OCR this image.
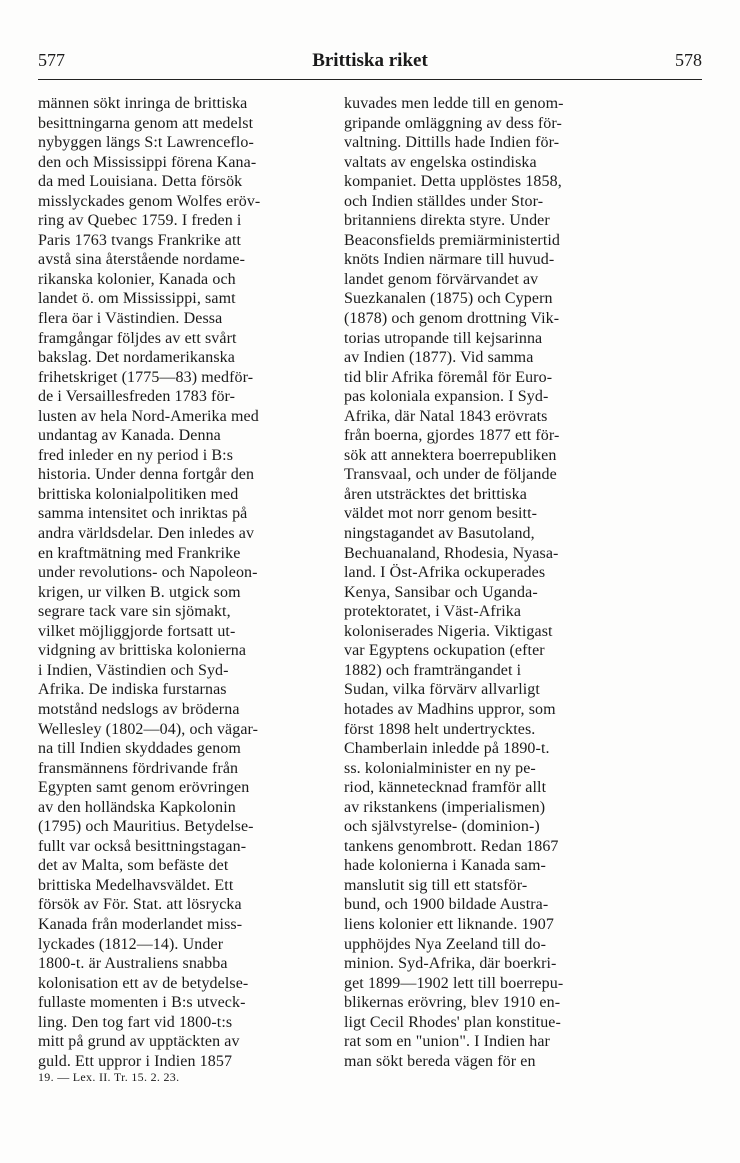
577	Brittiska riket	578
männen sökt inringa de brittiska
besittningarna genom att medelst
nybyggen längs S:t Lawrenceflo-
den och Mississippi förena Kana-
da med Louisiana. Detta försök
misslyckades genom Wolfes eröv-
ring av Quebec 1759. I freden i
Paris 1763 tvangs Frankrike att
avstå sina återstående nordame-
rikanska kolonier, Kanada och
landet ö. om Mississippi, samt
flera öar i Västindien. Dessa
framgångar följdes av ett svårt
bakslag. Det nordamerikanska
frihetskriget (1775—83) medför-
de i Versaillesfreden 1783 för-
lusten av hela Nord-Amerika med
undantag av Kanada. Denna
fred inleder en ny period i B:s
historia. Under denna fortgår den
brittiska kolonialpolitiken med
samma intensitet och inriktas på
andra världsdelar. Den inledes av
en kraftmätning med Frankrike
under revolutions- och Napoleon-
krigen, ur vilken B. utgick som
segrare tack vare sin sjömakt,
vilket möjliggjorde fortsatt ut-
vidgning av brittiska kolonierna
i Indien, Västindien och Syd-
Afrika. De indiska furstarnas
motstånd nedslogs av bröderna
Wellesley (1802—04), och vägar-
na till Indien skyddades genom
fransmännens fördrivande från
Egypten samt genom erövringen
av den holländska Kapkolonin
(1795) och Mauritius. Betydelse-
fullt var också besittningstagan-
det av Malta, som befäste det
brittiska Medelhavsväldet. Ett
försök av För. Stat. att lösrycka
Kanada från moderlandet miss-
lyckades (1812—14). Under
1800-t. är Australiens snabba
kolonisation ett av de betydelse-
fullaste momenten i B:s utveck-
ling. Den tog fart vid 1800-t:s
mitt på grund av upptäckten av
guld. Ett uppror i Indien 1857
kuvades men ledde till en genom-
gripande omläggning av dess för-
valtning. Dittills hade Indien för-
valtats av engelska ostindiska
kompaniet. Detta upplöstes 1858,
och Indien ställdes under Stor-
britanniens direkta styre. Under
Beaconsfields premiärministertid
knöts Indien närmare till huvud-
landet genom förvärvandet av
Suezkanalen (1875) och Cypern
(1878) och genom drottning Vik-
torias utropande till kejsarinna
av Indien (1877). Vid samma
tid blir Afrika föremål för Euro-
pas koloniala expansion. I Syd-
Afrika, där Natal 1843 erövrats
från boerna, gjordes 1877 ett för-
sök att annektera boerrepubliken
Transvaal, och under de följande
åren utsträcktes det brittiska
väldet mot norr genom besitt-
ningstagandet av Basutoland,
Bechuanaland, Rhodesia, Nyasa-
land. I Öst-Afrika ockuperades
Kenya, Sansibar och Uganda-
protektoratet, i Väst-Afrika
koloniserades Nigeria. Viktigast
var Egyptens ockupation (efter
1882) och framträngandet i
Sudan, vilka förvärv allvarligt
hotades av Madhins uppror, som
först 1898 helt undertrycktes.
Chamberlain inledde på 1890-t.
ss. kolonialminister en ny pe-
riod, kännetecknad framför allt
av rikstankens (imperialismen)
och självstyrelse- (dominion-)
tankens genombrott. Redan 1867
hade kolonierna i Kanada sam-
manslutit sig till ett statsför-
bund, och 1900 bildade Austra-
liens kolonier ett liknande. 1907
upphöjdes Nya Zeeland till do-
minion. Syd-Afrika, där boerkri-
get 1899—1902 lett till boerrepu-
blikernas erövring, blev 1910 en-
ligt Cecil Rhodes' plan konstitue-
rat som en "union". I Indien har
man sökt bereda vägen för en
19. — Lex. II. Tr. 15. 2. 23.
